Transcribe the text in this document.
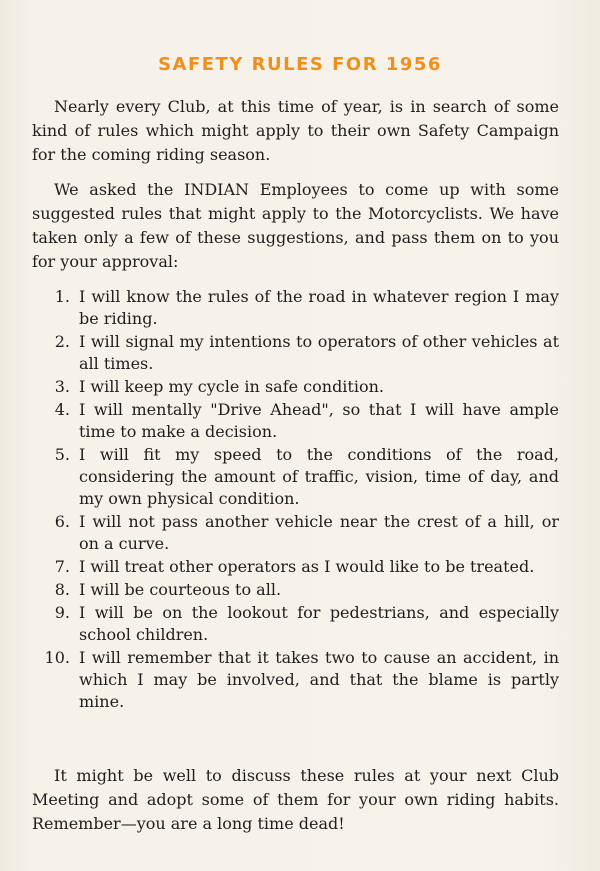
SAFETY RULES FOR 1956

Nearly every Club, at this time of year, is in search of some kind of rules which might apply to their own Safety Campaign for the coming riding season.

We asked the INDIAN Employees to come up with some suggested rules that might apply to the Motorcyclists. We have taken only a few of these suggestions, and pass them on to you for your approval:

1. I will know the rules of the road in whatever region I may be riding.
2. I will signal my intentions to operators of other vehicles at all times.
3. I will keep my cycle in safe condition.
4. I will mentally "Drive Ahead", so that I will have ample time to make a decision.
5. I will fit my speed to the conditions of the road, considering the amount of traffic, vision, time of day, and my own physical condition.
6. I will not pass another vehicle near the crest of a hill, or on a curve.
7. I will treat other operators as I would like to be treated.
8. I will be courteous to all.
9. I will be on the lookout for pedestrians, and especially school children.
10. I will remember that it takes two to cause an accident, in which I may be involved, and that the blame is partly mine.

It might be well to discuss these rules at your next Club Meeting and adopt some of them for your own riding habits. Remember—you are a long time dead!
